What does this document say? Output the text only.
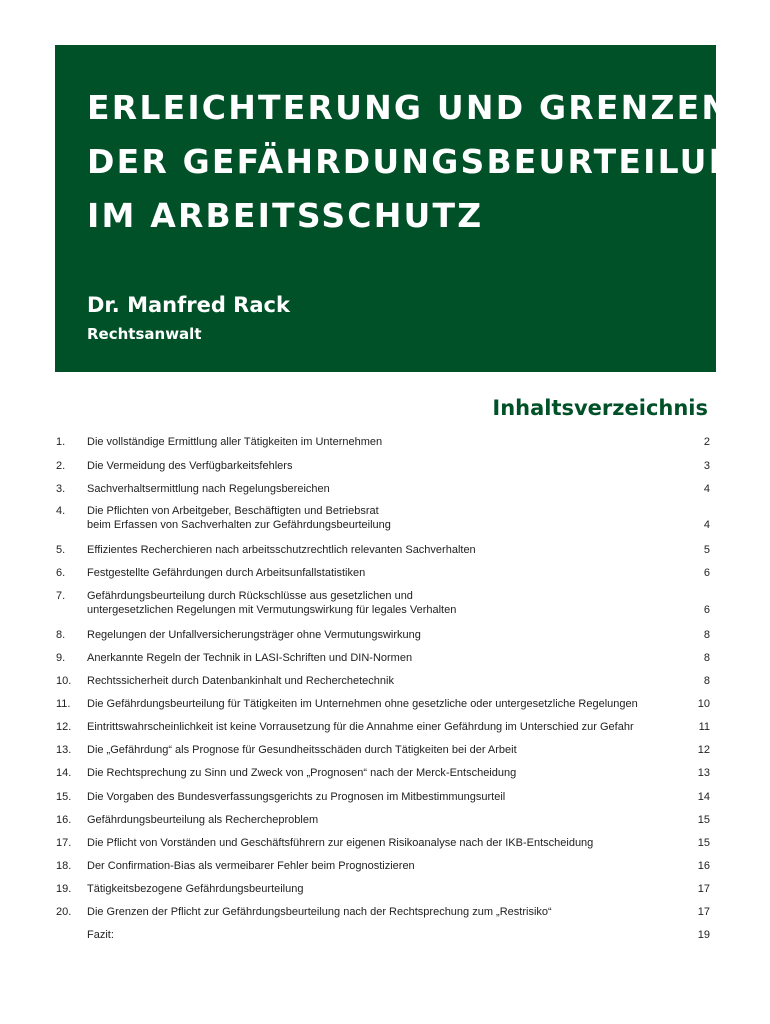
ERLEICHTERUNG UND GRENZEN
DER GEFÄHRDUNGSBEURTEILUNG
IM ARBEITSSCHUTZ
Dr. Manfred Rack
Rechtsanwalt
Inhaltsverzeichnis
1. Die vollständige Ermittlung aller Tätigkeiten im Unternehmen	2
2. Die Vermeidung des Verfügbarkeitsfehlers	3
3. Sachverhaltsermittlung nach Regelungsbereichen	4
4. Die Pflichten von Arbeitgeber, Beschäftigten und Betriebsrat
beim Erfassen von Sachverhalten zur Gefährdungsbeurteilung	4
5. Effizientes Recherchieren nach arbeitsschutzrechtlich relevanten Sachverhalten	5
6. Festgestellte Gefährdungen durch Arbeitsunfallstatistiken	6
7. Gefährdungsbeurteilung durch Rückschlüsse aus gesetzlichen und
untergesetzlichen Regelungen mit Vermutungswirkung für legales Verhalten	6
8. Regelungen der Unfallversicherungsträger ohne Vermutungswirkung	8
9. Anerkannte Regeln der Technik in LASI-Schriften und DIN-Normen	8
10. Rechtssicherheit durch Datenbankinhalt und Recherchetechnik	8
11. Die Gefährdungsbeurteilung für Tätigkeiten im Unternehmen ohne gesetzliche oder untergesetzliche Regelungen	10
12. Eintrittswahrscheinlichkeit ist keine Vorrausetzung für die Annahme einer Gefährdung im Unterschied zur Gefahr	11
13. Die „Gefährdung“ als Prognose für Gesundheitsschäden durch Tätigkeiten bei der Arbeit	12
14. Die Rechtsprechung zu Sinn und Zweck von „Prognosen“ nach der Merck-Entscheidung	13
15. Die Vorgaben des Bundesverfassungsgerichts zu Prognosen im Mitbestimmungsurteil	14
16. Gefährdungsbeurteilung als Rechercheproblem	15
17. Die Pflicht von Vorständen und Geschäftsführern zur eigenen Risikoanalyse nach der IKB-Entscheidung	15
18. Der Confirmation-Bias als vermeibarer Fehler beim Prognostizieren	16
19. Tätigkeitsbezogene Gefährdungsbeurteilung	17
20. Die Grenzen der Pflicht zur Gefährdungsbeurteilung nach der Rechtsprechung zum „Restrisiko“	17
Fazit:	19
